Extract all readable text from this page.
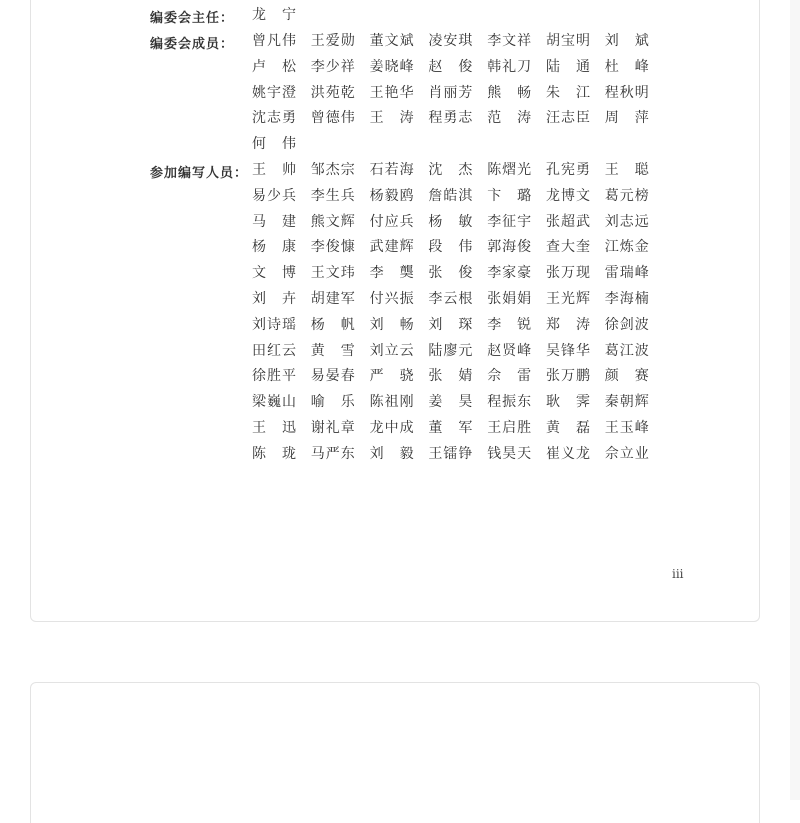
编委会主任：	龙　宁
编委会成员：	曾凡伟 王爱勋 董文斌 凌安琪 李文祥 胡宝明 刘　斌
卢　松 李少祥 姜晓峰 赵　俊 韩礼刀 陆　通 杜　峰
姚宇澄 洪苑乾 王艳华 肖丽芳 熊　畅 朱　江 程秋明
沈志勇 曾德伟 王　涛 程勇志 范　涛 汪志臣 周　萍
何　伟
参加编写人员： 王　帅 邹杰宗 石若海 沈　杰 陈熠光 孔宪勇 王　聪
易少兵 李生兵 杨毅鸥 詹皓淇 卞　璐 龙博文 葛元榜
马　建 熊文辉 付应兵 杨　敏 李征宇 张超武 刘志远
杨　康 李俊慷 武建辉 段　伟 郭海俊 查大奎 江炼金
文　博 王文玮 李　龑 张　俊 李家豪 张万现 雷瑞峰
刘　卉 胡建军 付兴振 李云根 张娟娟 王光辉 李海楠
刘诗瑶 杨　帆 刘　畅 刘　琛 李　锐 郑　涛 徐剑波
田红云 黄　雪 刘立云 陆廖元 赵贤峰 吴锋华 葛江波
徐胜平 易晏春 严　骁 张　婧 佘　雷 张万鹏 颜　赛
梁巍山 喻　乐 陈祖刚 姜　昊 程振东 耿　霁 秦朝辉
王　迅 谢礼章 龙中成 董　军 王启胜 黄　磊 王玉峰
陈　珑 马严东 刘　毅 王镭铮 钱昊天 崔义龙 佘立业
iii
